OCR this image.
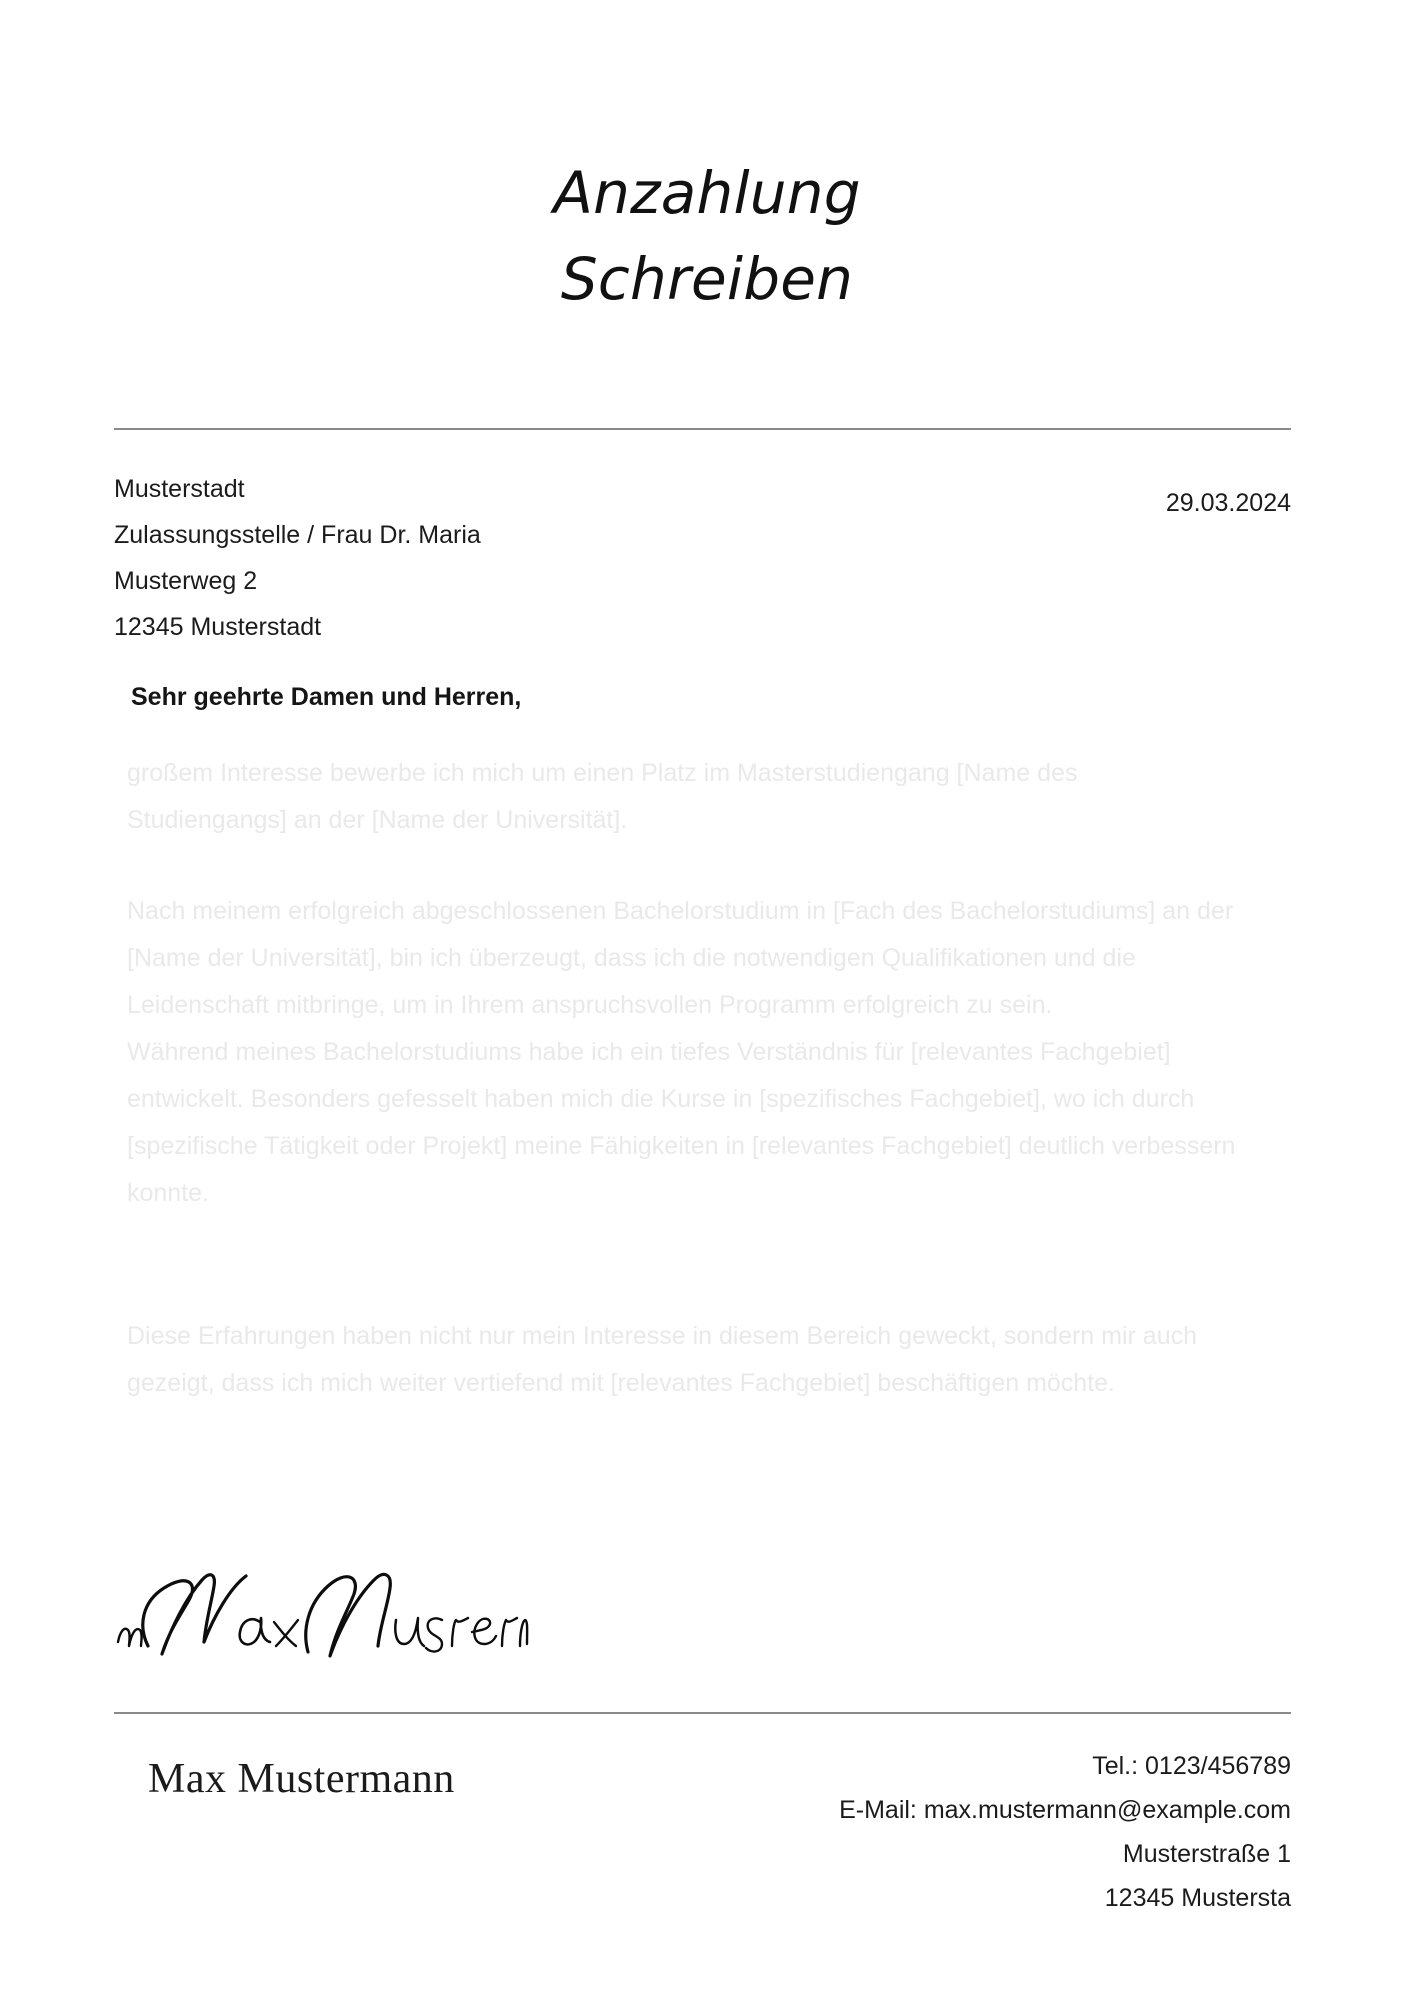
Anzahlung
Schreiben
Musterstadt
Zulassungsstelle / Frau Dr. Maria
Musterweg 2
12345 Musterstadt
29.03.2024
Sehr geehrte Damen und Herren,

großem Interesse bewerbe ich mich um einen Platz im Masterstudiengang [Name des Studiengangs] an der [Name der Universität].

Nach meinem erfolgreich abgeschlossenen Bachelorstudium in [Fach des Bachelorstudiums] an der [Name der Universität], bin ich überzeugt, dass ich die notwendigen Qualifikationen und die Leidenschaft mitbringe, um in Ihrem anspruchsvollen Programm erfolgreich zu sein.

Während meines Bachelorstudiums habe ich ein tiefes Verständnis für [relevantes Fachgebiet] entwickelt. Besonders gefesselt haben mich die Kurse in [spezifisches Fachgebiet], wo ich durch [spezifische Tätigkeit oder Projekt] meine Fähigkeiten in [relevantes Fachgebiet] deutlich verbessern konnte.

Diese Erfahrungen haben nicht nur mein Interesse in diesem Bereich geweckt, sondern mir auch gezeigt, dass ich mich weiter vertiefend mit [relevantes Fachgebiet] beschäftigen möchte.

Max Mustermann	Tel.: 0123/456789
E-Mail: max.mustermann@example.com
Musterstraße 1
12345 Mustersta
